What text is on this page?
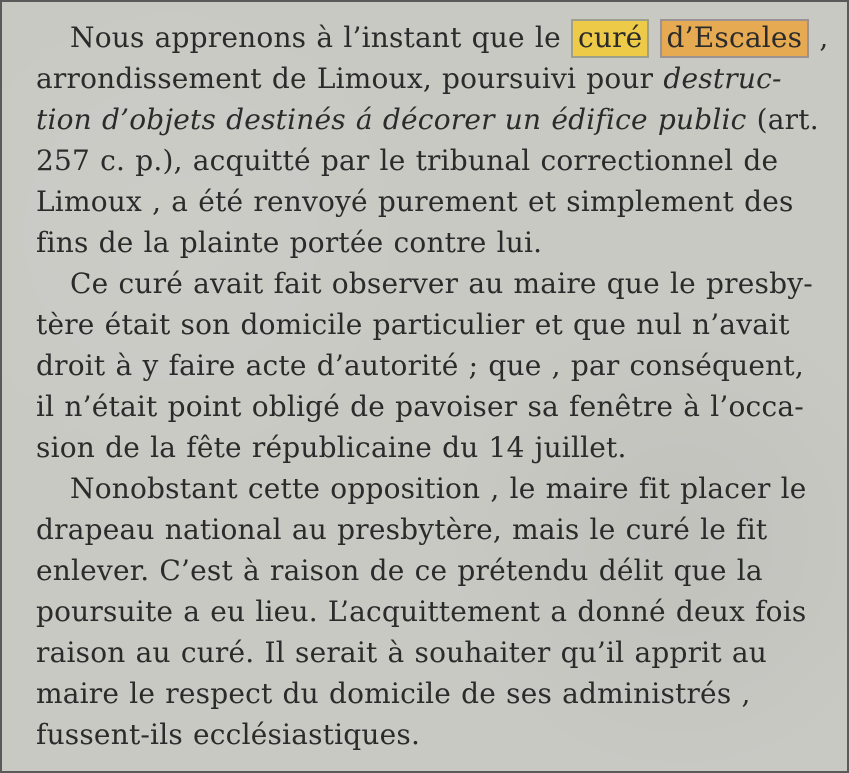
Nous apprenons à l’instant que le curé d’Escales ,
arrondissement de Limoux, poursuivi pour destruc-
tion d’objets destinés á décorer un édifice public (art.
257 c. p.), acquitté par le tribunal correctionnel de
Limoux , a été renvoyé purement et simplement des
fins de la plainte portée contre lui.
Ce curé avait fait observer au maire que le presby-
tère était son domicile particulier et que nul n’avait
droit à y faire acte d’autorité ; que , par conséquent,
il n’était point obligé de pavoiser sa fenêtre à l’occa-
sion de la fête républicaine du 14 juillet.
Nonobstant cette opposition , le maire fit placer le
drapeau national au presbytère, mais le curé le fit
enlever. C’est à raison de ce prétendu délit que la
poursuite a eu lieu. L’acquittement a donné deux fois
raison au curé. Il serait à souhaiter qu’il apprit au
maire le respect du domicile de ses administrés ,
fussent-ils ecclésiastiques.
